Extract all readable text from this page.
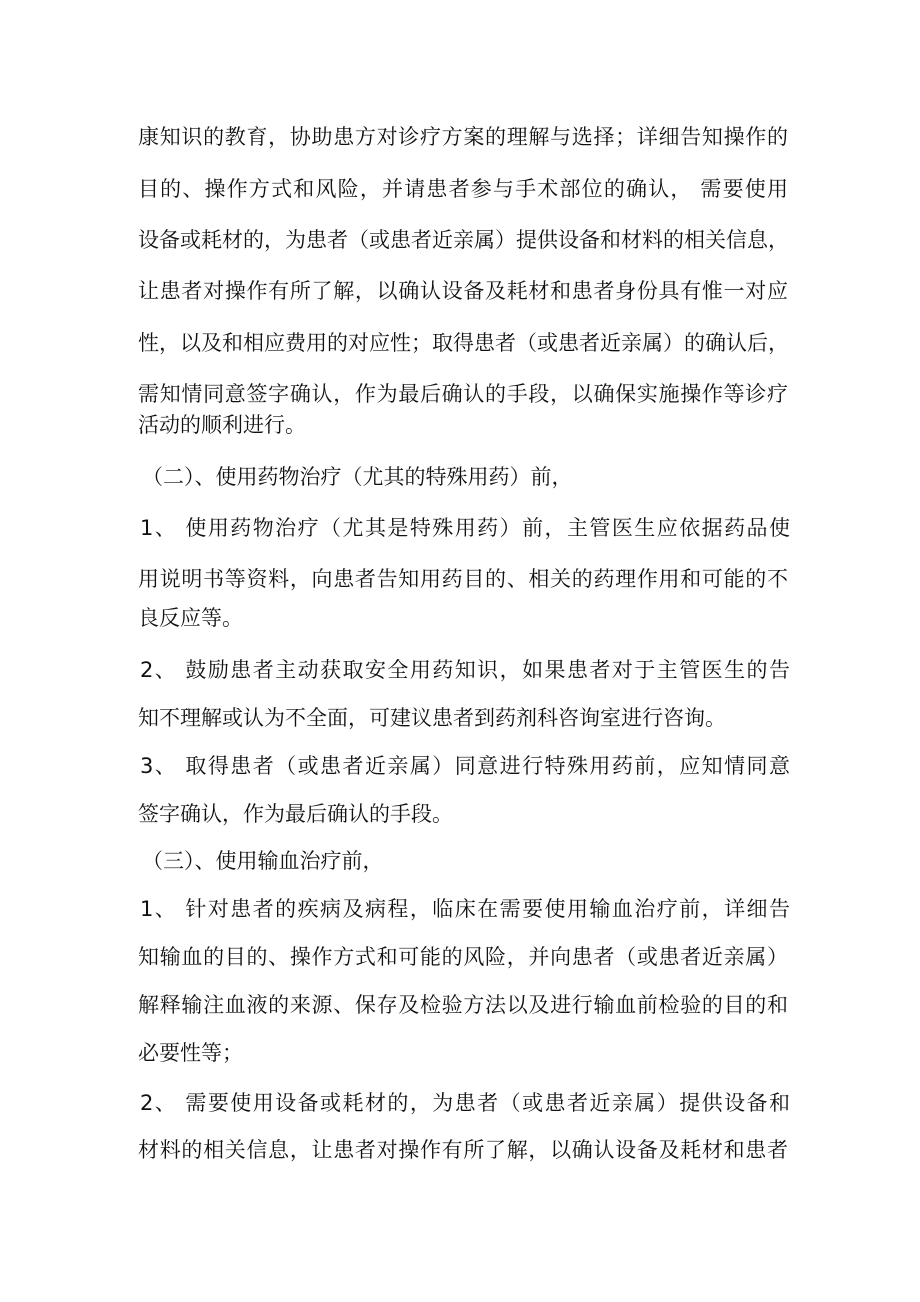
康知识的教育，协助患方对诊疗方案的理解与选择；详细告知操作的
目的、操作方式和风险，并请患者参与手术部位的确认， 需要使用
设备或耗材的，为患者（或患者近亲属）提供设备和材料的相关信息，
让患者对操作有所了解，以确认设备及耗材和患者身份具有惟一对应
性，以及和相应费用的对应性；取得患者（或患者近亲属）的确认后，
需知情同意签字确认，作为最后确认的手段，以确保实施操作等诊疗
活动的顺利进行。
（二）、使用药物治疗（尤其的特殊用药）前，
1、 使用药物治疗（尤其是特殊用药）前，主管医生应依据药品使
用说明书等资料，向患者告知用药目的、相关的药理作用和可能的不
良反应等。
2、 鼓励患者主动获取安全用药知识，如果患者对于主管医生的告
知不理解或认为不全面，可建议患者到药剂科咨询室进行咨询。
3、 取得患者（或患者近亲属）同意进行特殊用药前，应知情同意
签字确认，作为最后确认的手段。
（三）、使用输血治疗前，
1、 针对患者的疾病及病程，临床在需要使用输血治疗前，详细告
知输血的目的、操作方式和可能的风险，并向患者（或患者近亲属）
解释输注血液的来源、保存及检验方法以及进行输血前检验的目的和
必要性等；
2、 需要使用设备或耗材的，为患者（或患者近亲属）提供设备和
材料的相关信息，让患者对操作有所了解，以确认设备及耗材和患者
